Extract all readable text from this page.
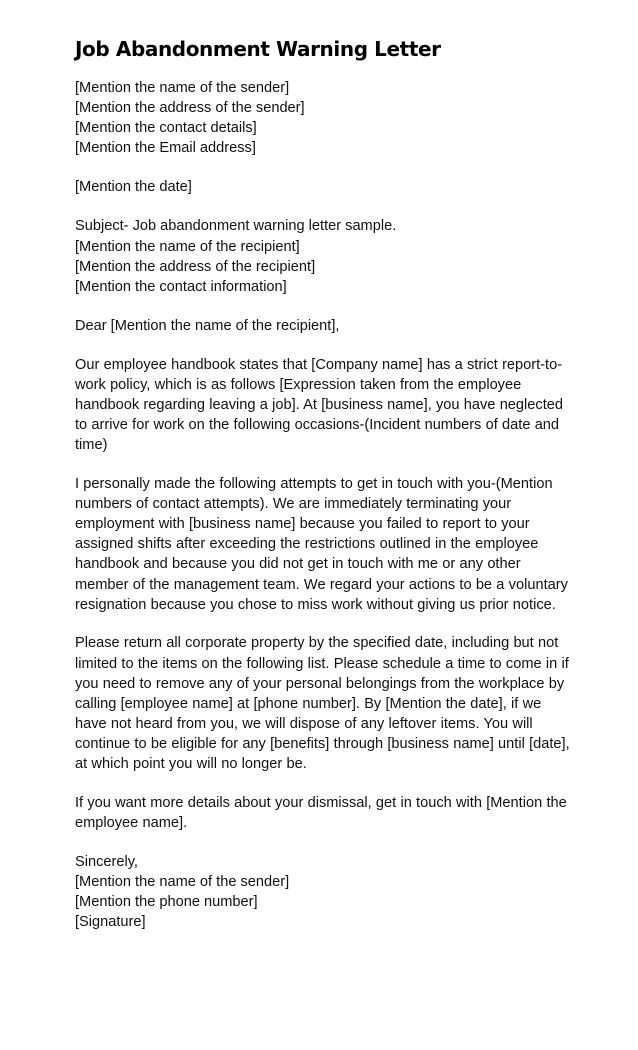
Job Abandonment Warning Letter
[Mention the name of the sender]
[Mention the address of the sender]
[Mention the contact details]
[Mention the Email address]
[Mention the date]
Subject- Job abandonment warning letter sample.
[Mention the name of the recipient]
[Mention the address of the recipient]
[Mention the contact information]
Dear [Mention the name of the recipient],

Our employee handbook states that [Company name] has a strict report-to-work policy, which is as follows [Expression taken from the employee handbook regarding leaving a job]. At [business name], you have neglected to arrive for work on the following occasions-(Incident numbers of date and time)

I personally made the following attempts to get in touch with you-(Mention numbers of contact attempts). We are immediately terminating your employment with [business name] because you failed to report to your assigned shifts after exceeding the restrictions outlined in the employee handbook and because you did not get in touch with me or any other member of the management team. We regard your actions to be a voluntary resignation because you chose to miss work without giving us prior notice.

Please return all corporate property by the specified date, including but not limited to the items on the following list. Please schedule a time to come in if you need to remove any of your personal belongings from the workplace by calling [employee name] at [phone number]. By [Mention the date], if we have not heard from you, we will dispose of any leftover items. You will continue to be eligible for any [benefits] through [business name] until [date], at which point you will no longer be.

If you want more details about your dismissal, get in touch with [Mention the employee name].

Sincerely,
[Mention the name of the sender]
[Mention the phone number]
[Signature]
